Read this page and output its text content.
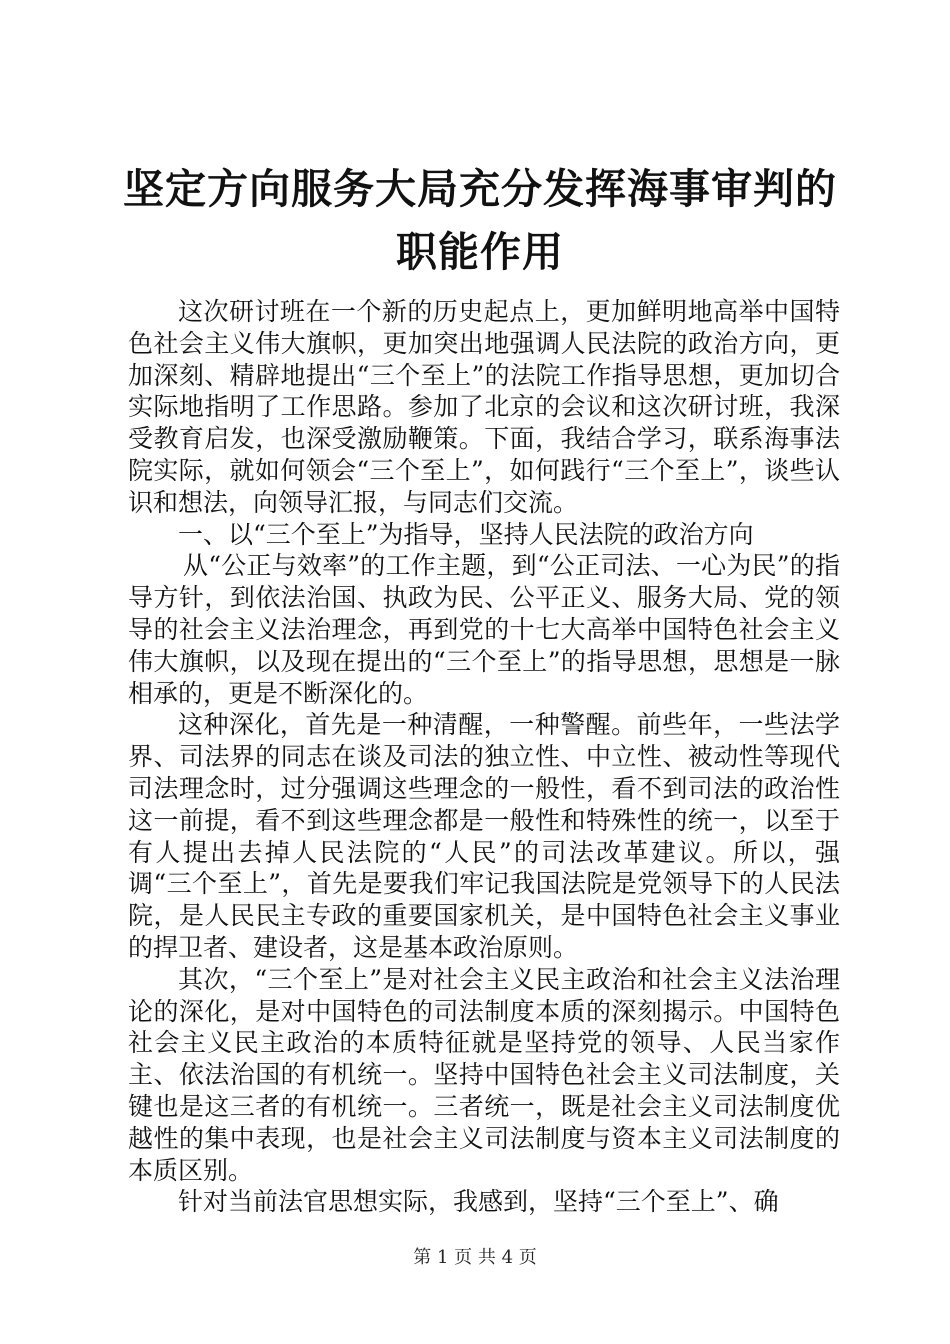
坚定方向服务大局充分发挥海事审判的职能作用

这次研讨班在一个新的历史起点上，更加鲜明地高举中国特色社会主义伟大旗帜，更加突出地强调人民法院的政治方向，更加深刻、精辟地提出“三个至上”的法院工作指导思想，更加切合实际地指明了工作思路。参加了北京的会议和这次研讨班，我深受教育启发，也深受激励鞭策。下面，我结合学习，联系海事法院实际，就如何领会“三个至上”，如何践行“三个至上”，谈些认识和想法，向领导汇报，与同志们交流。

一、以“三个至上”为指导，坚持人民法院的政治方向

从“公正与效率”的工作主题，到“公正司法、一心为民”的指导方针，到依法治国、执政为民、公平正义、服务大局、党的领导的社会主义法治理念，再到党的十七大高举中国特色社会主义伟大旗帜，以及现在提出的“三个至上”的指导思想，思想是一脉相承的，更是不断深化的。

这种深化，首先是一种清醒，一种警醒。前些年，一些法学界、司法界的同志在谈及司法的独立性、中立性、被动性等现代司法理念时，过分强调这些理念的一般性，看不到司法的政治性这一前提，看不到这些理念都是一般性和特殊性的统一，以至于有人提出去掉人民法院的“人民”的司法改革建议。所以，强调“三个至上”，首先是要我们牢记我国法院是党领导下的人民法院，是人民民主专政的重要国家机关，是中国特色社会主义事业的捍卫者、建设者，这是基本政治原则。

其次，“三个至上”是对社会主义民主政治和社会主义法治理论的深化，是对中国特色的司法制度本质的深刻揭示。中国特色社会主义民主政治的本质特征就是坚持党的领导、人民当家作主、依法治国的有机统一。坚持中国特色社会主义司法制度，关键也是这三者的有机统一。三者统一，既是社会主义司法制度优越性的集中表现，也是社会主义司法制度与资本主义司法制度的本质区别。

针对当前法官思想实际，我感到，坚持“三个至上”、确

第 1 页 共 4 页
